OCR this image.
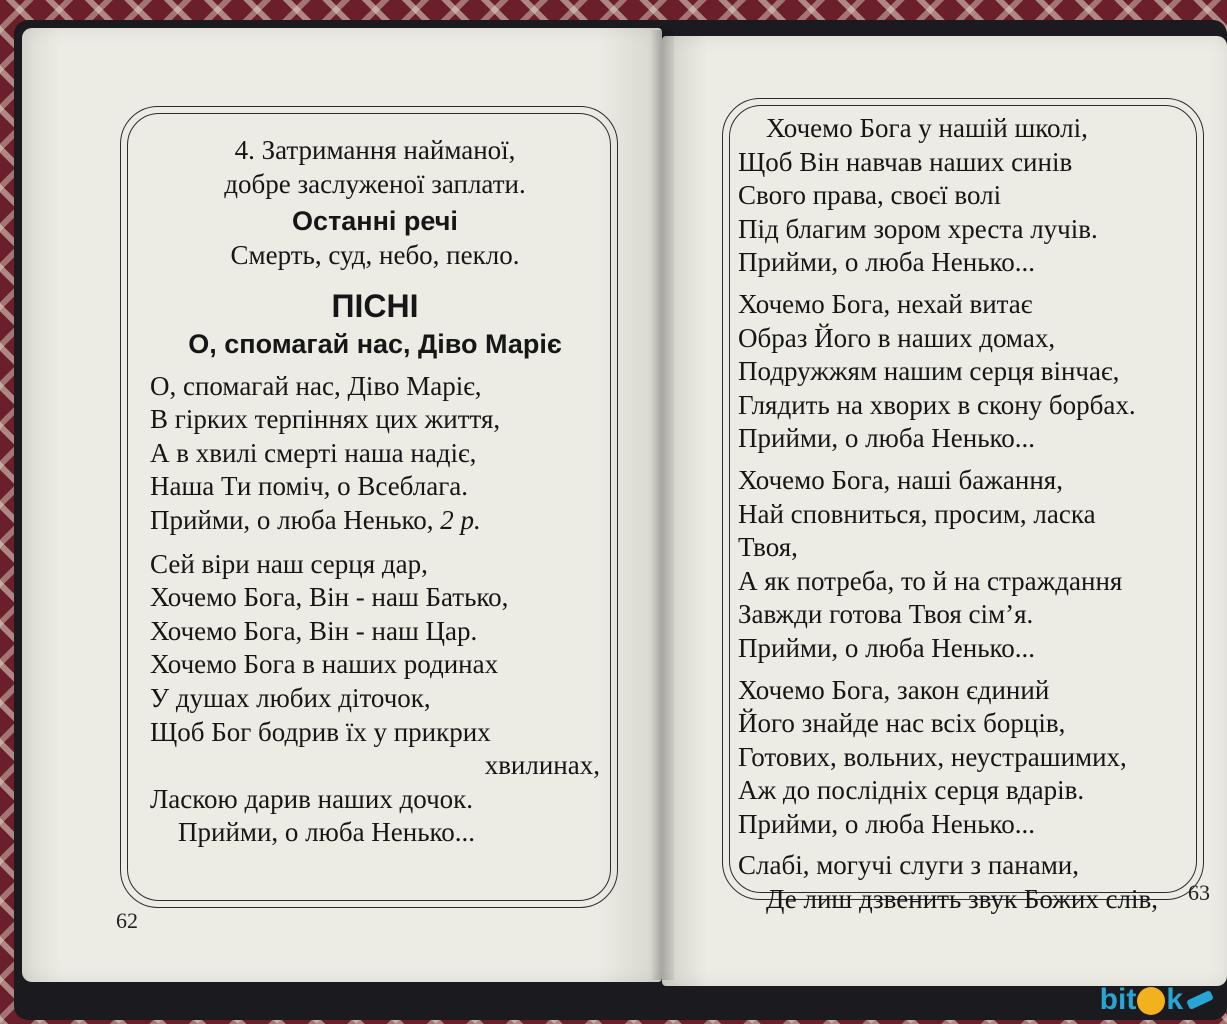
4. Затримання найманої,
добре заслуженої заплати.
Останні речі
Смерть, суд, небо, пекло.
ПІСНІ
О, спомагай нас, Діво Маріє
О, спомагай нас, Діво Маріє,
В гірких терпіннях цих життя,
А в хвилі смерті наша надіє,
Наша Ти поміч, о Всеблага.
Прийми, о люба Ненько, 2 р.
Сей віри наш серця дар,
Хочемо Бога, Він - наш Батько,
Хочемо Бога, Він - наш Цар.
Хочемо Бога в наших родинах
У душах любих діточок,
Щоб Бог бодрив їх у прикрих
хвилинах,
Ласкою дарив наших дочок.
Прийми, о люба Ненько...
62
Хочемо Бога у нашій школі,
Щоб Він навчав наших синів
Свого права, своєї волі
Під благим зором хреста лучів.
Прийми, о люба Ненько...
Хочемо Бога, нехай витає
Образ Його в наших домах,
Подружжям нашим серця вінчає,
Глядить на хворих в скону борбах.
Прийми, о люба Ненько...
Хочемо Бога, наші бажання,
Най сповниться, просим, ласка
Твоя,
А як потреба, то й на страждання
Завжди готова Твоя сім’я.
Прийми, о люба Ненько...
Хочемо Бога, закон єдиний
Його знайде нас всіх борців,
Готових, вольних, неустрашимих,
Аж до послідніх серця вдарів.
Прийми, о люба Ненько...
Слабі, могучі слуги з панами,
Де лиш дзвенить звук Божих слів,	63
bit k
